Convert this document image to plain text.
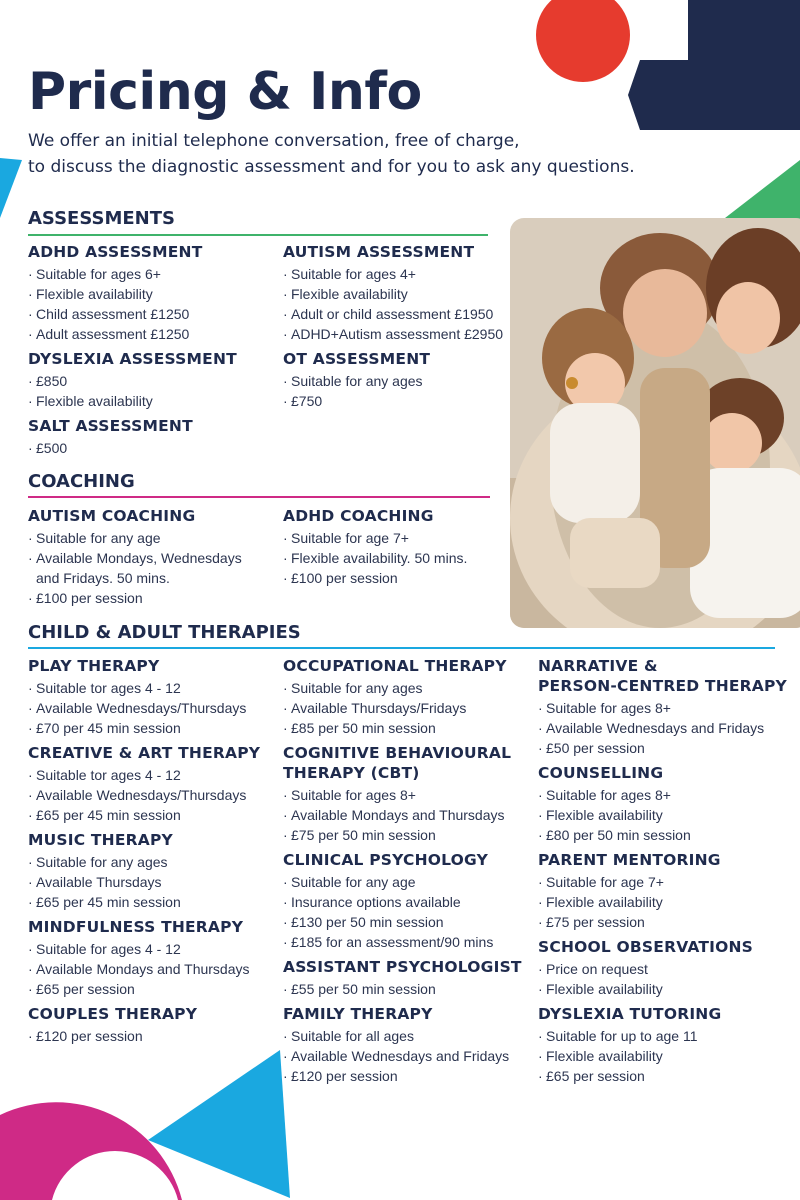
Pricing & Info
We offer an initial telephone conversation, free of charge,
to discuss the diagnostic assessment and for you to ask any questions.
ASSESSMENTS
ADHD ASSESSMENT
· Suitable for ages 6+
· Flexible availability
· Child assessment £1250
· Adult assessment £1250
DYSLEXIA ASSESSMENT
· £850
· Flexible availability
SALT ASSESSMENT
· £500
AUTISM ASSESSMENT
· Suitable for ages 4+
· Flexible availability
· Adult or child assessment £1950
· ADHD+Autism assessment £2950
OT ASSESSMENT
· Suitable for any ages
· £750
COACHING
AUTISM COACHING
· Suitable for any age
· Available Mondays, Wednesdays and Fridays. 50 mins.
· £100 per session
ADHD COACHING
· Suitable for age 7+
· Flexible availability. 50 mins.
· £100 per session
CHILD & ADULT THERAPIES
PLAY THERAPY
· Suitable tor ages 4 - 12
· Available Wednesdays/Thursdays
· £70 per 45 min session
CREATIVE & ART THERAPY
· Suitable tor ages 4 - 12
· Available Wednesdays/Thursdays
· £65 per 45 min session
MUSIC THERAPY
· Suitable for any ages
· Available Thursdays
· £65 per 45 min session
MINDFULNESS THERAPY
· Suitable for ages 4 - 12
· Available Mondays and Thursdays
· £65 per session
COUPLES THERAPY
· £120 per session
OCCUPATIONAL THERAPY
· Suitable for any ages
· Available Thursdays/Fridays
· £85 per 50 min session
COGNITIVE BEHAVIOURAL
THERAPY (CBT)
· Suitable for ages 8+
· Available Mondays and Thursdays
· £75 per 50 min session
CLINICAL PSYCHOLOGY
· Suitable for any age
· Insurance options available
· £130 per 50 min session
· £185 for an assessment/90 mins
ASSISTANT PSYCHOLOGIST
· £55 per 50 min session
FAMILY THERAPY
· Suitable for all ages
· Available Wednesdays and Fridays
· £120 per session
NARRATIVE &
PERSON-CENTRED THERAPY
· Suitable for ages 8+
· Available Wednesdays and Fridays
· £50 per session
COUNSELLING
· Suitable for ages 8+
· Flexible availability
· £80 per 50 min session
PARENT MENTORING
· Suitable for age 7+
· Flexible availability
· £75 per session
SCHOOL OBSERVATIONS
· Price on request
· Flexible availability
DYSLEXIA TUTORING
· Suitable for up to age 11
· Flexible availability
· £65 per session
